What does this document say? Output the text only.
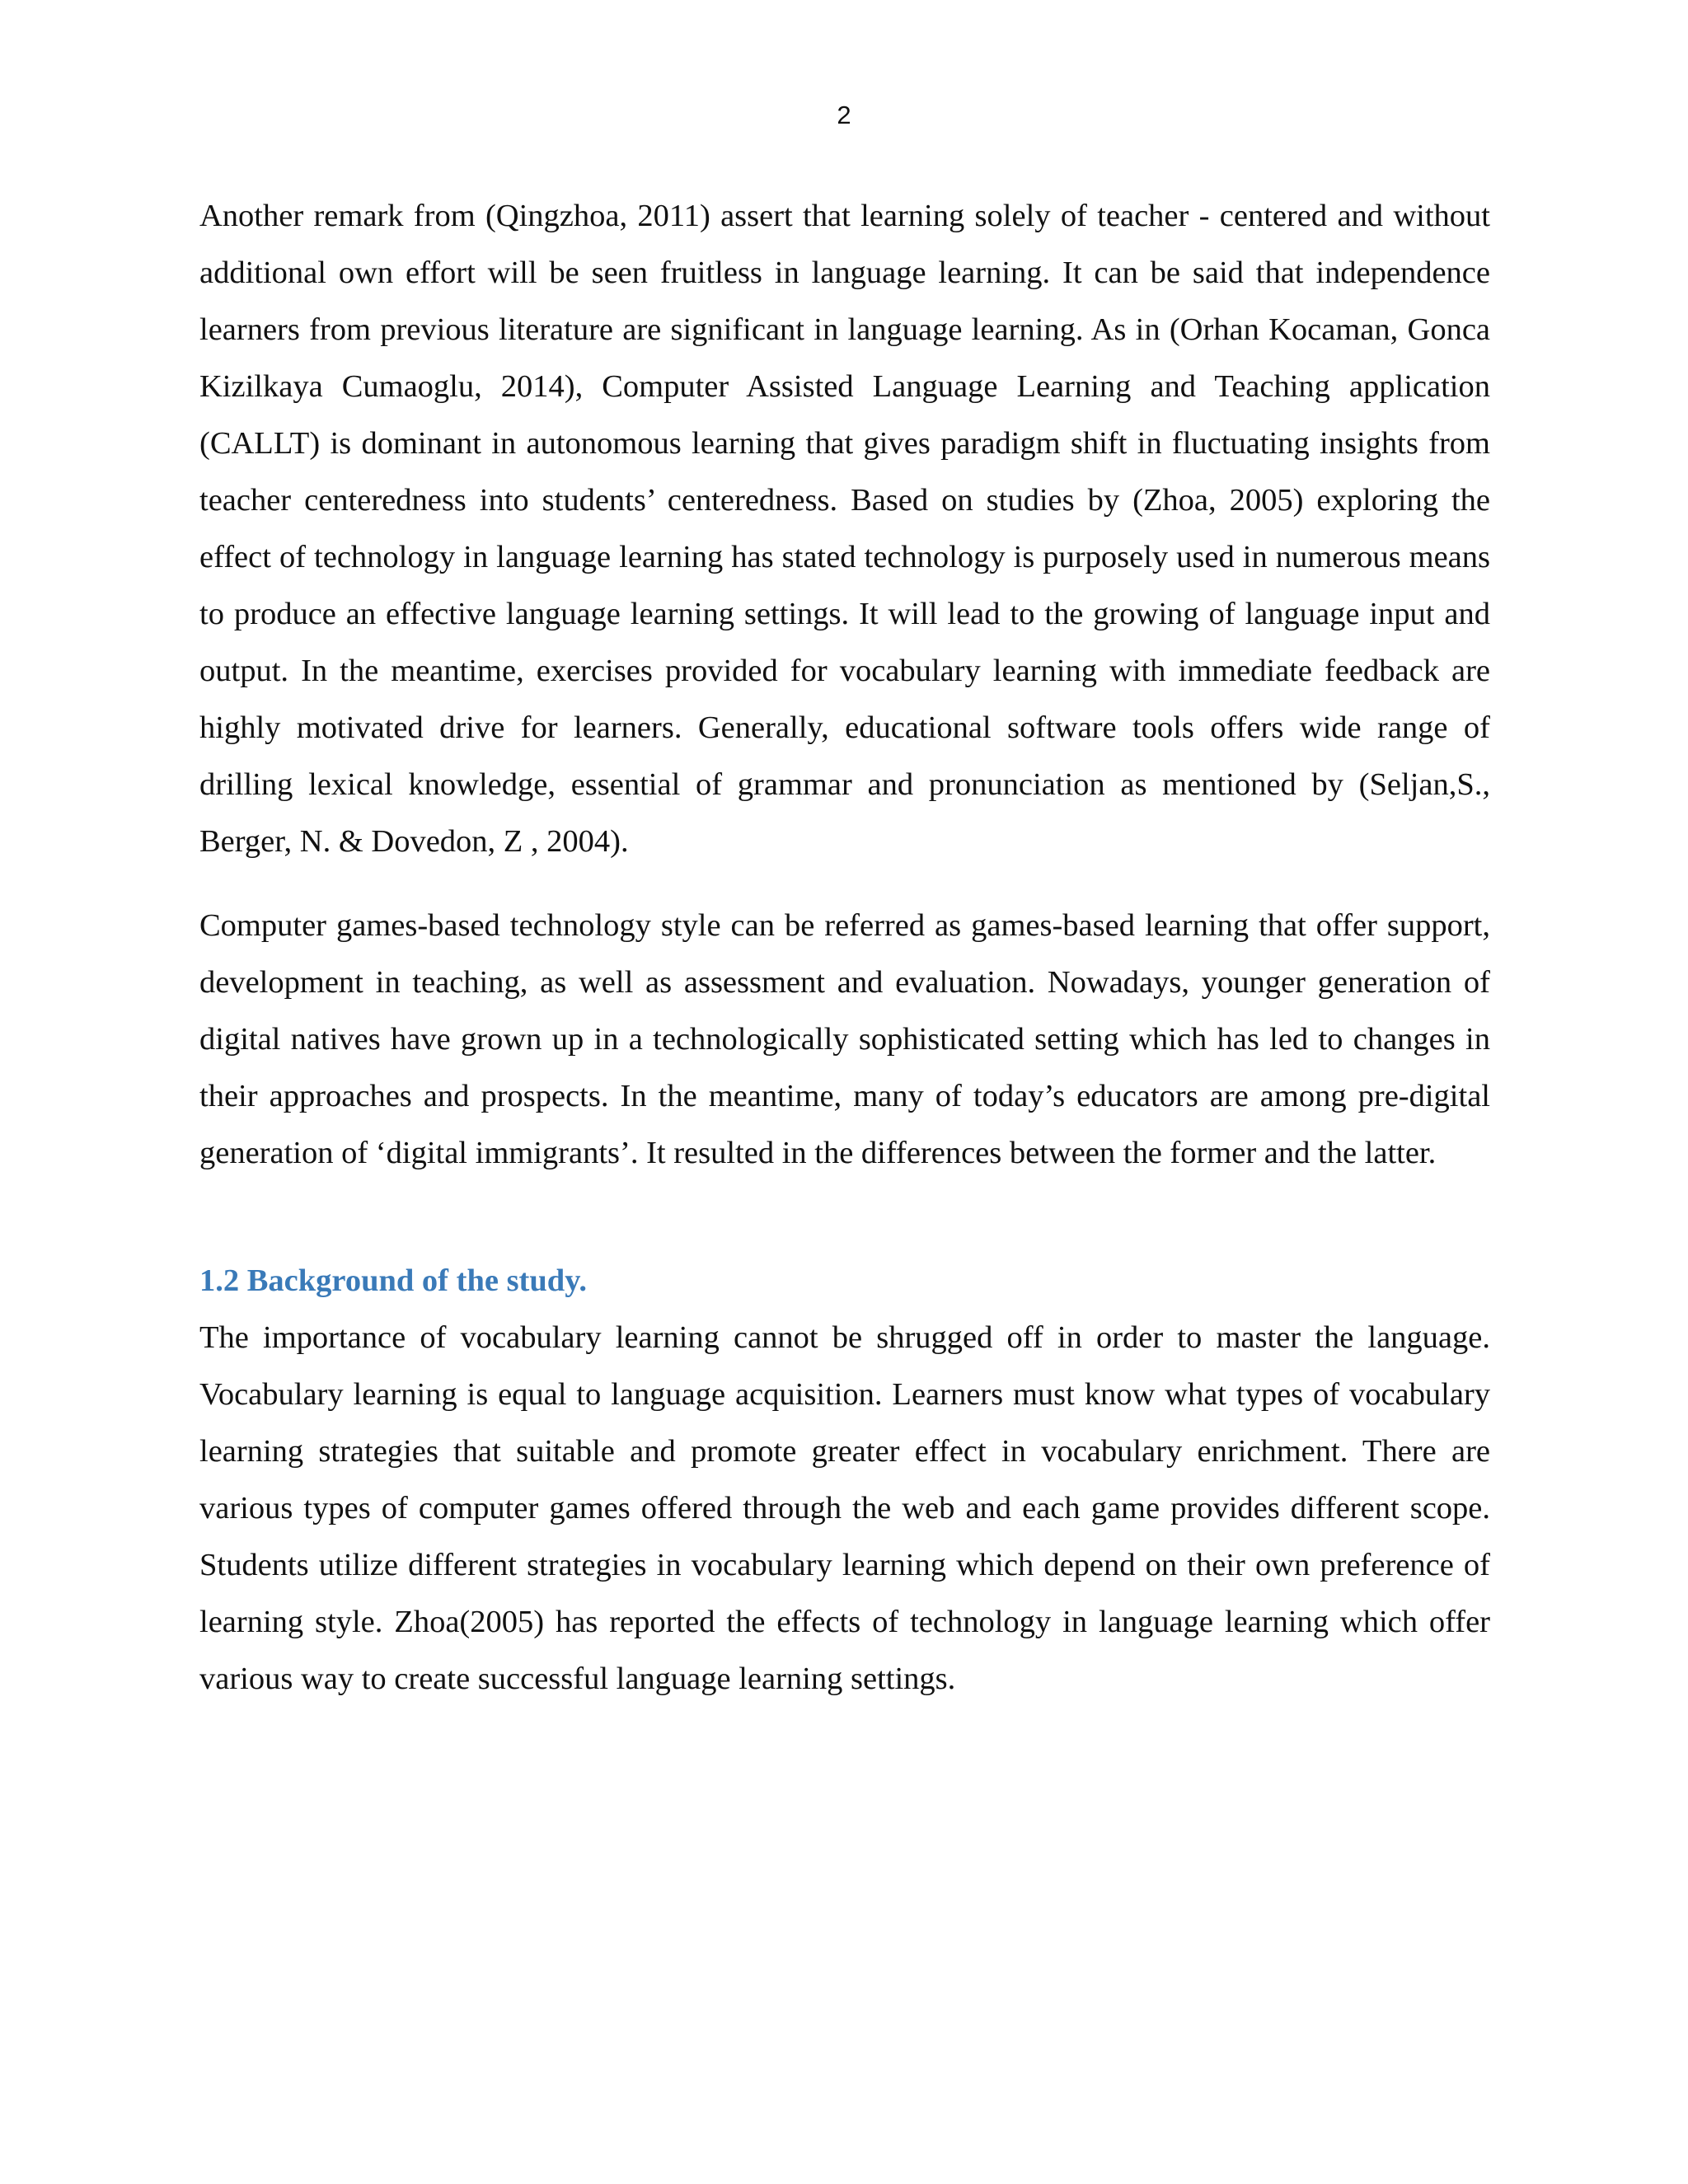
2

Another remark from (Qingzhoa, 2011) assert that learning solely of teacher - centered and without additional own effort will be seen fruitless in language learning. It can be said that independence learners from previous literature are significant in language learning. As in (Orhan Kocaman, Gonca Kizilkaya Cumaoglu, 2014), Computer Assisted Language Learning and Teaching application (CALLT) is dominant in autonomous learning that gives paradigm shift in fluctuating insights from teacher centeredness into students’ centeredness. Based on studies by (Zhoa, 2005) exploring the effect of technology in language learning has stated technology is purposely used in numerous means to produce an effective language learning settings. It will lead to the growing of language input and output. In the meantime, exercises provided for vocabulary learning with immediate feedback are highly motivated drive for learners. Generally, educational software tools offers wide range of drilling lexical knowledge, essential of grammar and pronunciation as mentioned by (Seljan,S., Berger, N. & Dovedon, Z , 2004).

Computer games-based technology style can be referred as games-based learning that offer support, development in teaching, as well as assessment and evaluation. Nowadays, younger generation of digital natives have grown up in a technologically sophisticated setting which has led to changes in their approaches and prospects. In the meantime, many of today’s educators are among pre-digital generation of ‘digital immigrants’. It resulted in the differences between the former and the latter.

1.2 Background of the study.

The importance of vocabulary learning cannot be shrugged off in order to master the language. Vocabulary learning is equal to language acquisition. Learners must know what types of vocabulary learning strategies that suitable and promote greater effect in vocabulary enrichment. There are various types of computer games offered through the web and each game provides different scope. Students utilize different strategies in vocabulary learning which depend on their own preference of learning style. Zhoa(2005) has reported the effects of technology in language learning which offer various way to create successful language learning settings.
